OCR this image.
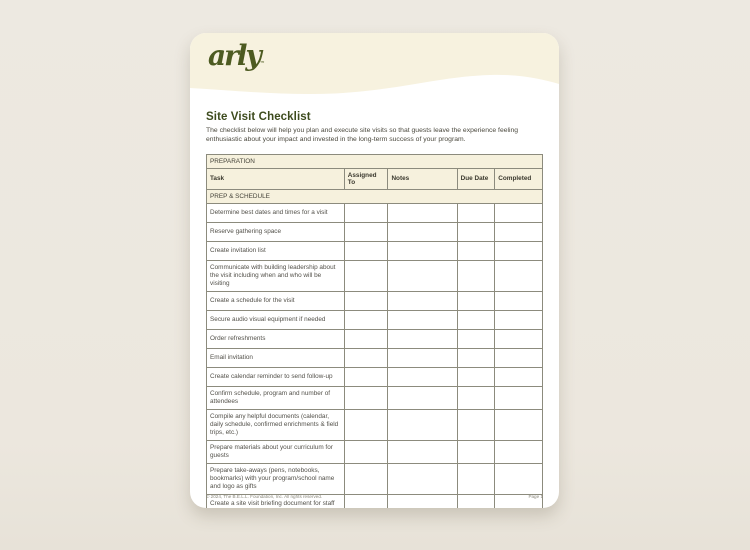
arly™
Site Visit Checklist
The checklist below will help you plan and execute site visits so that guests leave the experience feeling enthusiastic about your impact and invested in the long-term success of your program.
PREPARATION				
Task	Assigned To	Notes	Due Date	Completed
PREP & SCHEDULE				
Determine best dates and times for a visit				
Reserve gathering space				
Create invitation list				
Communicate with building leadership about the visit including when and who will be visiting				
Create a schedule for the visit				
Secure audio visual equipment if needed				
Order refreshments				
Email invitation				
Create calendar reminder to send follow-up				
Confirm schedule, program and number of attendees				
Compile any helpful documents (calendar, daily schedule, confirmed enrichments & field trips, etc.)				
Prepare materials about your curriculum for guests				
Prepare take-aways (pens, notebooks, bookmarks) with your program/school name and logo as gifts				
Create a site visit briefing document for staff				
© 2024, The B.E.L.L. Foundation, Inc. All rights reserved.	Page 1
